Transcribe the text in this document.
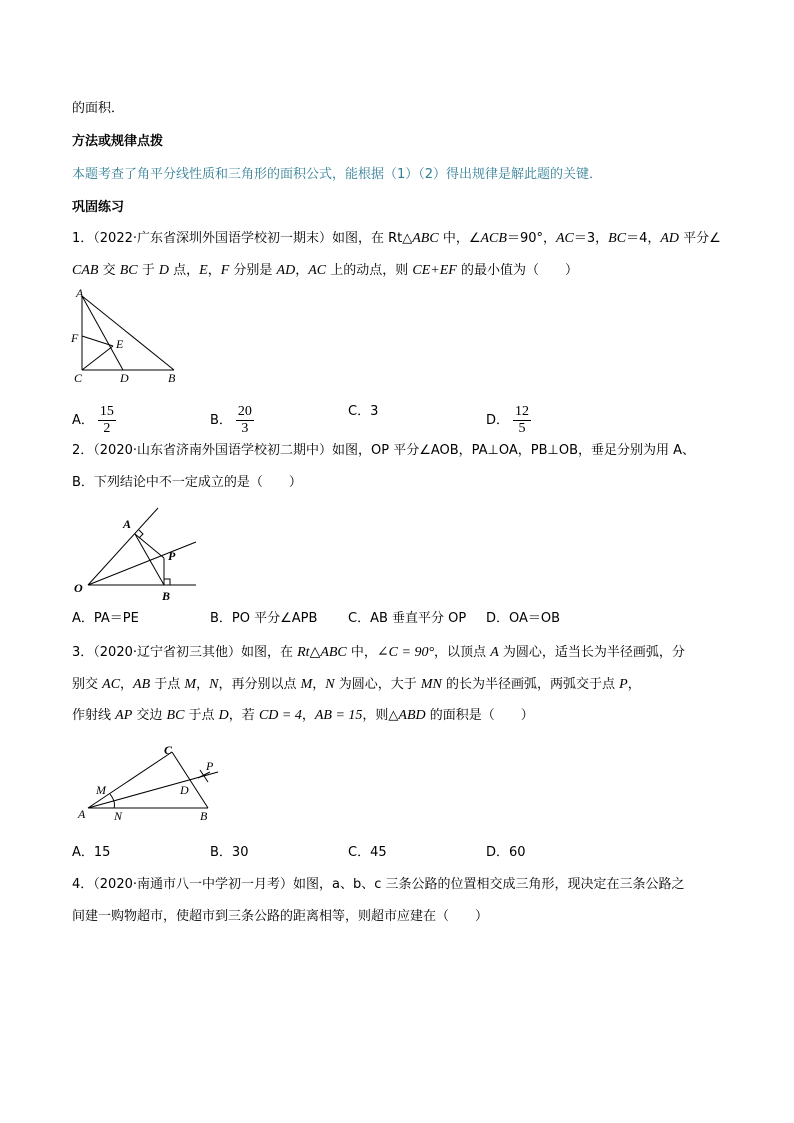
的面积．
方法或规律点拨
本题考查了角平分线性质和三角形的面积公式，能根据（1）（2）得出规律是解此题的关键．
巩固练习
1．（2022·广东省深圳外国语学校初一期末）如图，在 Rt△ABC 中，∠ACB＝90°，AC＝3，BC＝4，AD 平分∠
CAB 交 BC 于 D 点，E，F 分别是 AD，AC 上的动点，则 CE+EF 的最小值为（　　）
A
F	E
C	D	B
A． $\frac{15}{2}$	B． $\frac{20}{3}$	C．3
D． $\frac{12}{5}$
2．（2020·山东省济南外国语学校初二期中）如图，OP 平分∠AOB，PA⊥OA，PB⊥OB，垂足分别为用 A、
B．下列结论中不一定成立的是（　　）
A
P
O
B
A．PA＝PE	B．PO 平分∠APB C．AB 垂直平分 OP D．OA＝OB
3．（2020·辽宁省初三其他）如图，在 Rt△ABC 中，∠C = 90°，以顶点 A 为圆心，适当长为半径画弧，分
别交 AC，AB 于点 M，N，再分别以点 M，N 为圆心，大于 MN 的长为半径画弧，两弧交于点 P，
作射线 AP 交边 BC 于点 D，若 CD = 4，AB = 15，则△ABD 的面积是（　　）
C
P
M	D
A N	B
A．15	B．30	C．45	D．60
4．（2020·南通市八一中学初一月考）如图，a、b、c 三条公路的位置相交成三角形，现决定在三条公路之
间建一购物超市，使超市到三条公路的距离相等，则超市应建在（　　）
